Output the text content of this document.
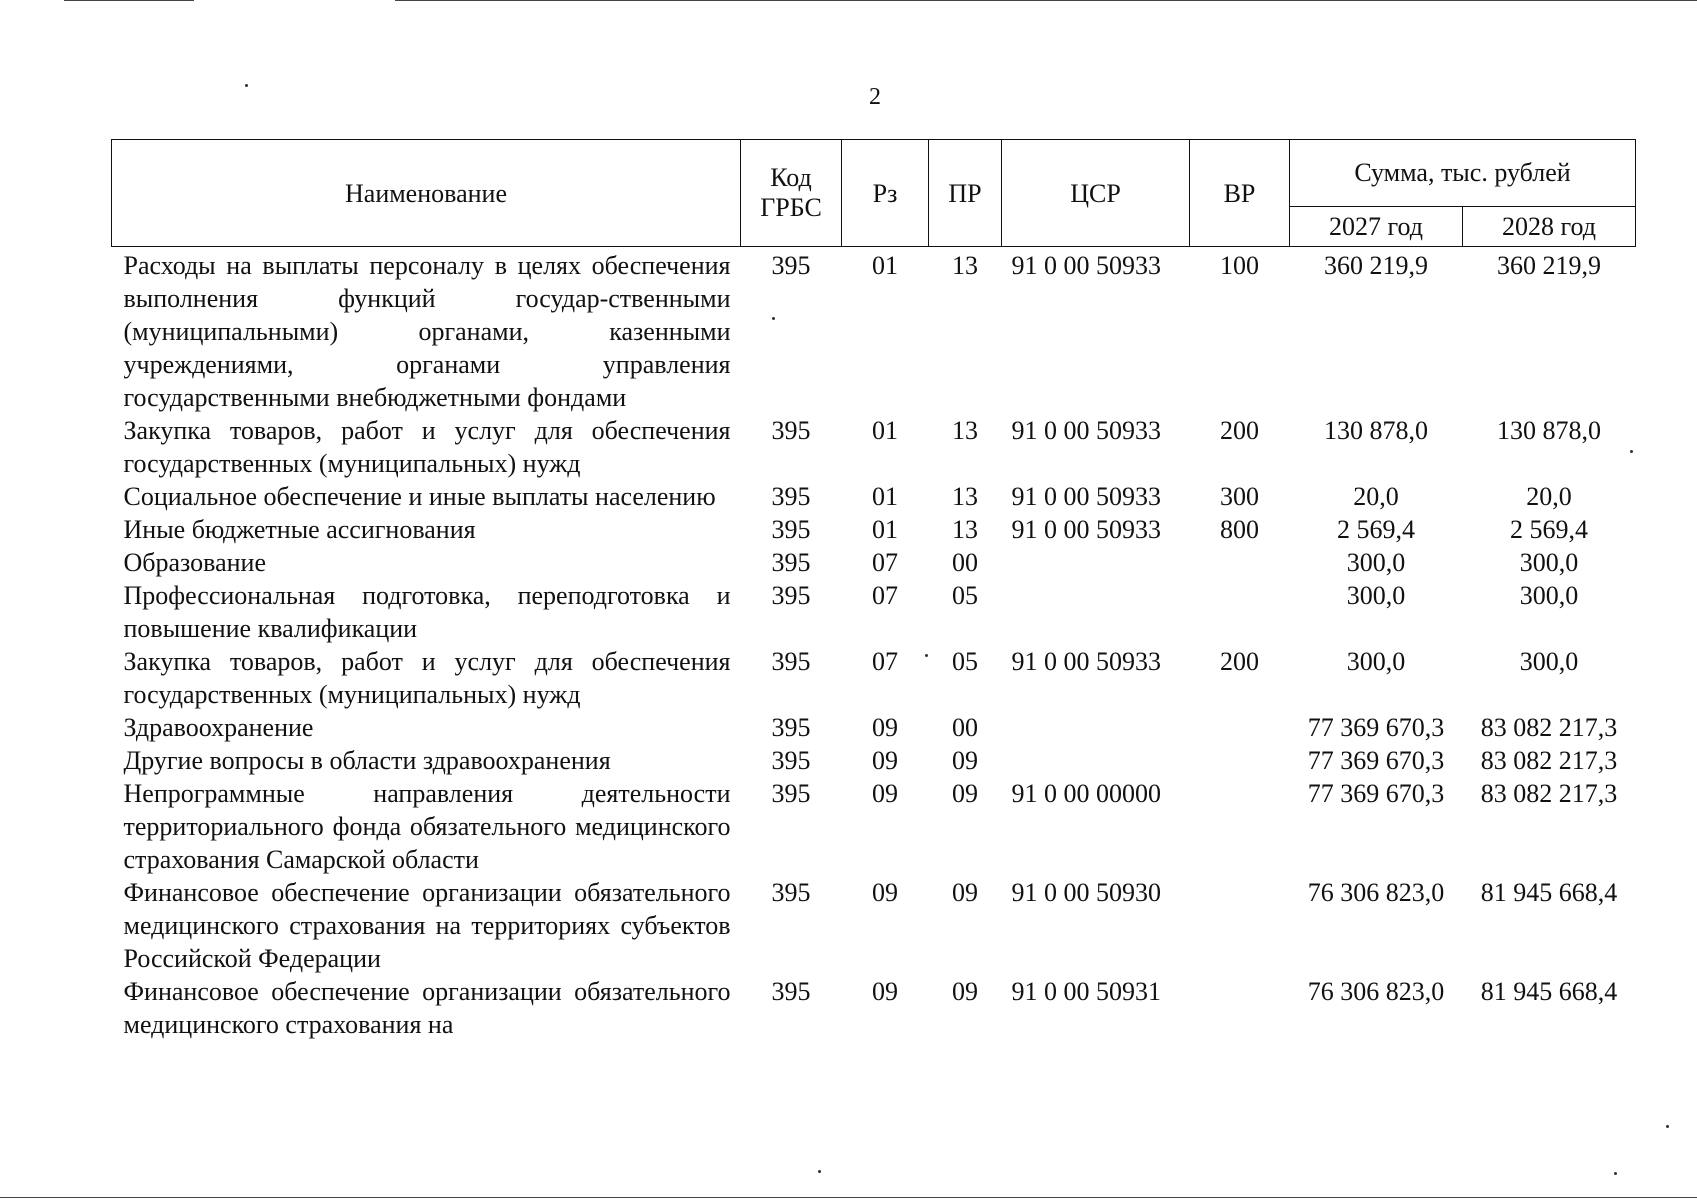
2
Наименование	Код ГРБС	Рз	ПР	ЦСР	ВР	Сумма, тыс. рублей	
						2027 год	2028 год
Расходы на выплаты персоналу в целях обеспечения выполнения функций государ-ственными (муниципальными) органами, казенными учреждениями, органами управления государственными внебюджетными фондами	395	01	13	91 0 00 50933	100	360 219,9	360 219,9
Закупка товаров, работ и услуг для обеспечения государственных (муниципальных) нужд	395	01	13	91 0 00 50933	200	130 878,0	130 878,0
Социальное обеспечение и иные выплаты населению	395	01	13	91 0 00 50933	300	20,0	20,0
Иные бюджетные ассигнования	395	01	13	91 0 00 50933	800	2 569,4	2 569,4
Образование	395	07	00			300,0	300,0
Профессиональная подготовка, переподготовка и повышение квалификации	395	07	05			300,0	300,0
Закупка товаров, работ и услуг для обеспечения государственных (муниципальных) нужд	395	07	05	91 0 00 50933	200	300,0	300,0
Здравоохранение	395	09	00			77 369 670,3	83 082 217,3
Другие вопросы в области здравоохранения	395	09	09			77 369 670,3	83 082 217,3
Непрограммные направления деятельности территориального фонда обязательного медицинского страхования Самарской области	395	09	09	91 0 00 00000		77 369 670,3	83 082 217,3
Финансовое обеспечение организации обязательного медицинского страхования на территориях субъектов Российской Федерации	395	09	09	91 0 00 50930		76 306 823,0	81 945 668,4
Финансовое обеспечение организации обязательного медицинского страхования на	395	09	09	91 0 00 50931		76 306 823,0	81 945 668,4
